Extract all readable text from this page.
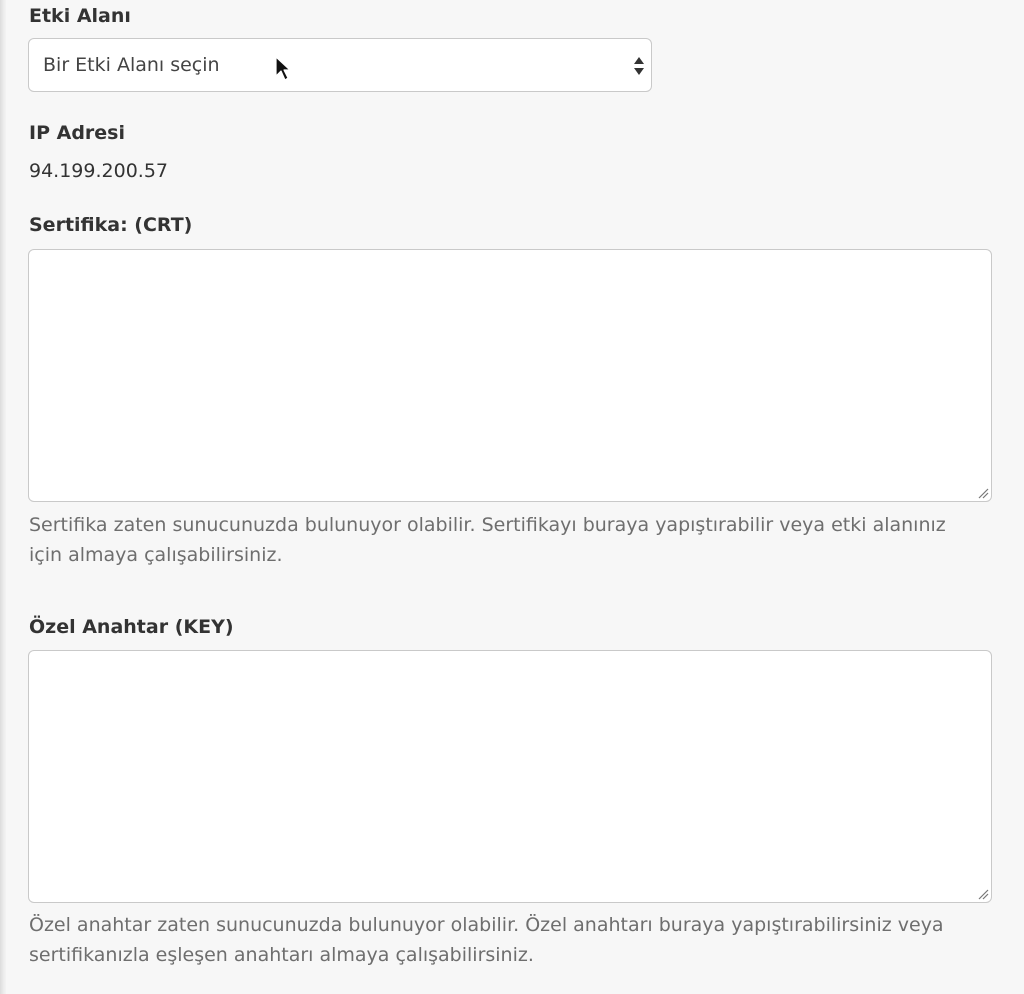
Etki Alanı
Bir Etki Alanı seçin
IP Adresi
94.199.200.57
Sertifika: (CRT)
Sertifika zaten sunucunuzda bulunuyor olabilir. Sertifikayı buraya yapıştırabilir veya etki alanınız için almaya çalışabilirsiniz.
Özel Anahtar (KEY)
Özel anahtar zaten sunucunuzda bulunuyor olabilir. Özel anahtarı buraya yapıştırabilirsiniz veya sertifikanızla eşleşen anahtarı almaya çalışabilirsiniz.
